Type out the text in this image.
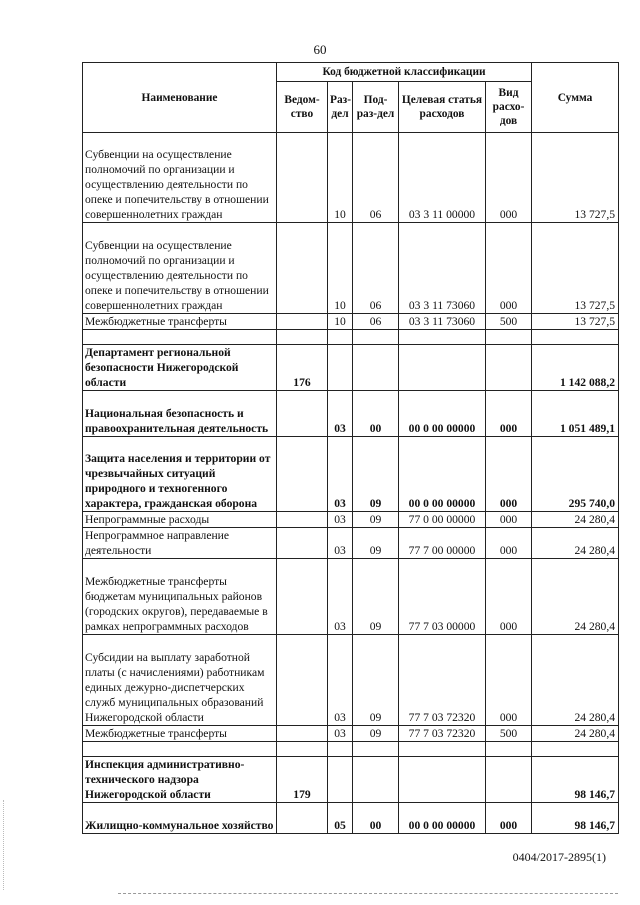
60
Наименование	Код бюджетной классификации					Сумма
	Ведом-ство	Раз-дел	Под-раз-дел	Целевая статья расходов	Вид расхо-дов	
Субвенции на осуществление полномочий по организации и осуществлению деятельности по опеке и попечительству в отношении совершеннолетних граждан		10	06	03 3 11 00000	000	13 727,5
Субвенции на осуществление полномочий по организации и осуществлению деятельности по опеке и попечительству в отношении совершеннолетних граждан		10	06	03 3 11 73060	000	13 727,5
Межбюджетные трансферты		10	06	03 3 11 73060	500	13 727,5

Департамент региональной безопасности Нижегородской области	176					1 142 088,2
Национальная безопасность и правоохранительная деятельность		03	00	00 0 00 00000	000	1 051 489,1
Защита населения и территории от чрезвычайных ситуаций природного и техногенного характера, гражданская оборона		03	09	00 0 00 00000	000	295 740,0
Непрограммные расходы		03	09	77 0 00 00000	000	24 280,4
Непрограммное направление деятельности		03	09	77 7 00 00000	000	24 280,4
Межбюджетные трансферты бюджетам муниципальных районов (городских округов), передаваемые в рамках непрограммных расходов		03	09	77 7 03 00000	000	24 280,4
Субсидии на выплату заработной платы (с начислениями) работникам единых дежурно-диспетчерских служб муниципальных образований Нижегородской области		03	09	77 7 03 72320	000	24 280,4
Межбюджетные трансферты		03	09	77 7 03 72320	500	24 280,4

Инспекция административно-технического надзора Нижегородской области	179					98 146,7
Жилищно-коммунальное хозяйство		05	00	00 0 00 00000	000	98 146,7
0404/2017-2895(1)
